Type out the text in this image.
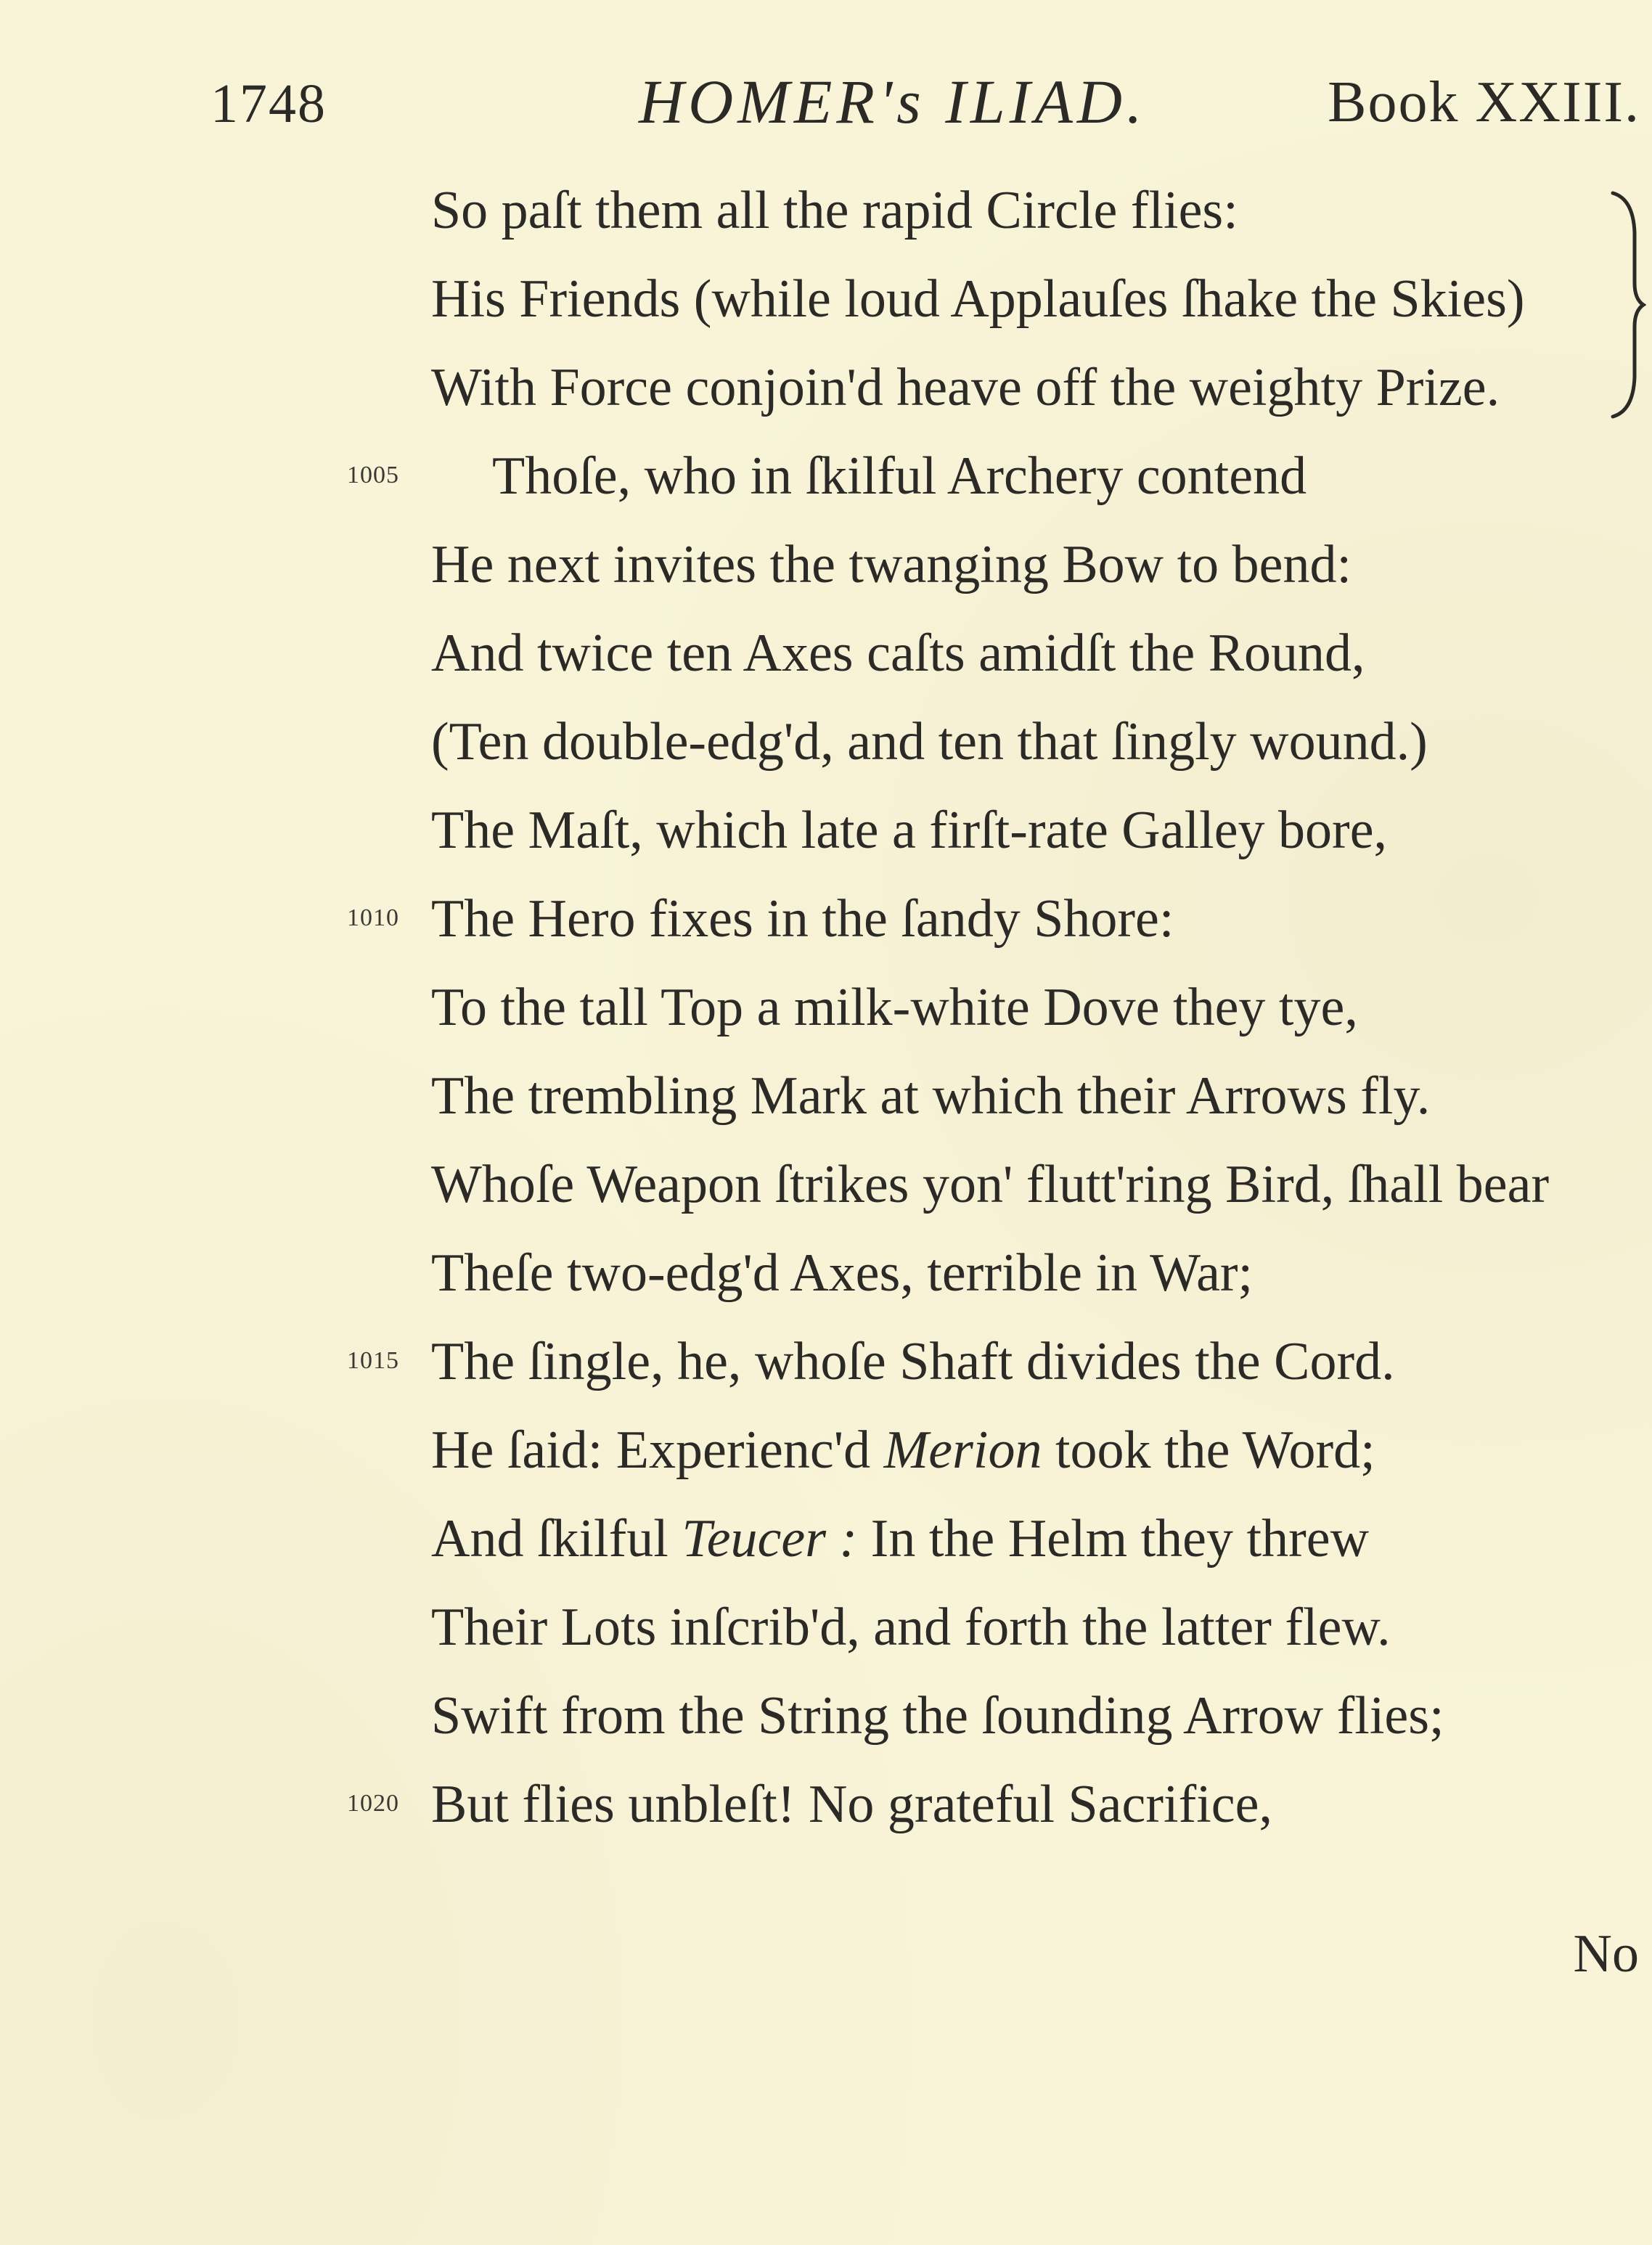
1748	HOMER's ILIAD.	Book XXIII.
So paſt them all the rapid Circle flies:
His Friends (while loud Applauſes ſhake the Skies)
With Force conjoin'd heave off the weighty Prize.
1005 Thoſe, who in ſkilful Archery contend
He next invites the twanging Bow to bend:
And twice ten Axes caſts amidſt the Round,
(Ten double-edg'd, and ten that ſingly wound.)
The Maſt, which late a firſt-rate Galley bore,
1010 The Hero fixes in the ſandy Shore:
To the tall Top a milk-white Dove they tye,
The trembling Mark at which their Arrows fly.
Whoſe Weapon ſtrikes yon' flutt'ring Bird, ſhall bear
Theſe two-edg'd Axes, terrible in War;
1015 The ſingle, he, whoſe Shaft divides the Cord.
He ſaid: Experienc'd Merion took the Word;
And ſkilful Teucer : In the Helm they threw
Their Lots inſcrib'd, and forth the latter flew.
Swift from the String the ſounding Arrow flies;
1020 But flies unbleſt! No grateful Sacrifice,
No
